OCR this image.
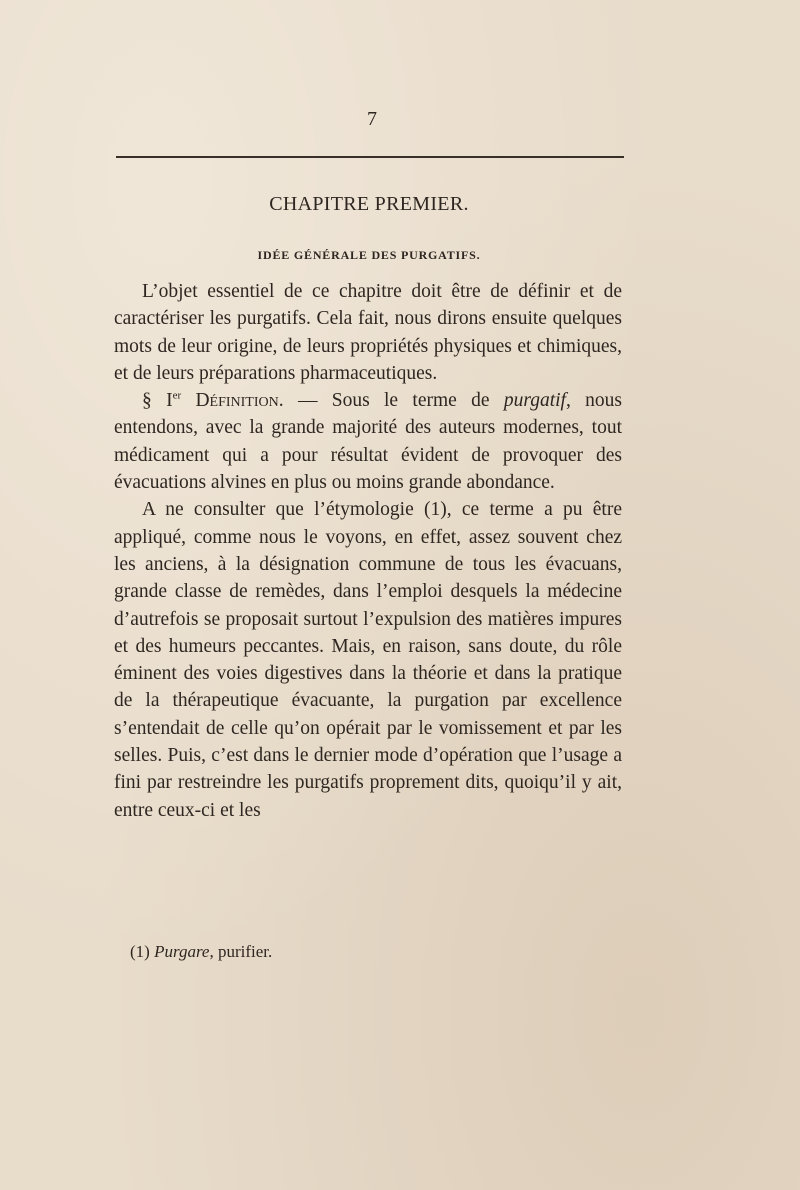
7
CHAPITRE PREMIER.
IDÉE GÉNÉRALE DES PURGATIFS.

L’objet essentiel de ce chapitre doit être de définir et de caractériser les purgatifs. Cela fait, nous dirons ensuite quelques mots de leur origine, de leurs propriétés physiques et chimiques, et de leurs préparations pharmaceutiques.

§ Ier Définition. — Sous le terme de purgatif, nous entendons, avec la grande majorité des auteurs modernes, tout médicament qui a pour résultat évident de provoquer des évacuations alvines en plus ou moins grande abondance.

A ne consulter que l’étymologie (1), ce terme a pu être appliqué, comme nous le voyons, en effet, assez souvent chez les anciens, à la désignation commune de tous les évacuans, grande classe de remèdes, dans l’emploi desquels la médecine d’autrefois se proposait surtout l’expulsion des matières impures et des humeurs peccantes. Mais, en raison, sans doute, du rôle éminent des voies digestives dans la théorie et dans la pratique de la thérapeutique évacuante, la purgation par excellence s’entendait de celle qu’on opérait par le vomissement et par les selles. Puis, c’est dans le dernier mode d’opération que l’usage a fini par restreindre les purgatifs proprement dits, quoiqu’il y ait, entre ceux-ci et les

(1) Purgare, purifier.
